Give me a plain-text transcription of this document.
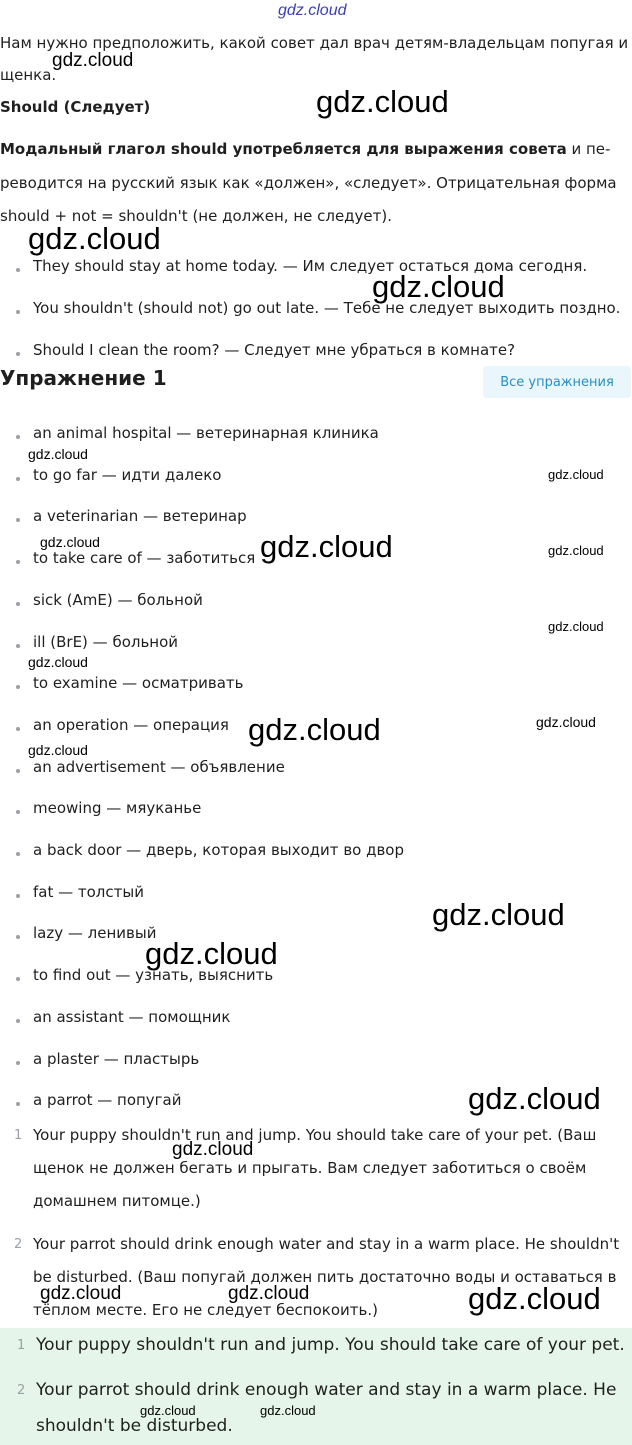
gdz.cloud
Нам нужно предположить, какой совет дал врач детям-владельцам попугая и
щенка.
Should (Следует)
Модальный глагол should употребляется для выражения совета и пе-
реводится на русский язык как «должен», «следует». Отрицательная форма
should + not = shouldn't (не должен, не следует).
They should stay at home today. — Им следует остаться дома сегодня.
You shouldn't (should not) go out late. — Тебе не следует выходить поздно.
Should I clean the room? — Следует мне убраться в комнате?
Упражнение 1	Все упражнения
an animal hospital — ветеринарная клиника
to go far — идти далеко
a veterinarian — ветеринар
to take care of — заботиться
sick (AmE) — больной
ill (BrE) — больной
to examine — осматривать
an operation — операция
an advertisement — объявление
meowing — мяуканье
a back door — дверь, которая выходит во двор
fat — толстый
lazy — ленивый
to find out — узнать, выяснить
an assistant — помощник
a plaster — пластырь
a parrot — попугай
1 Your puppy shouldn't run and jump. You should take care of your pet. (Ваш
щенок не должен бегать и прыгать. Вам следует заботиться о своём
домашнем питомце.)
2 Your parrot should drink enough water and stay in a warm place. He shouldn't
be disturbed. (Ваш попугай должен пить достаточно воды и оставаться в
тёплом месте. Его не следует беспокоить.)
1 Your puppy shouldn't run and jump. You should take care of your pet.
2 Your parrot should drink enough water and stay in a warm place. He
shouldn't be disturbed.
gdz.cloud
gdz.cloud
gdz.cloud
gdz.cloud
gdz.cloud
gdz.cloud
gdz.cloud	gdz.cloud	gdz.cloud
gdz.cloud
gdz.cloud
gdz.cloud	gdz.cloud
gdz.cloud
gdz.cloud
gdz.cloud
gdz.cloud
gdz.cloud
gdz.cloud	gdz.cloud	gdz.cloud
gdz.cloud	gdz.cloud
